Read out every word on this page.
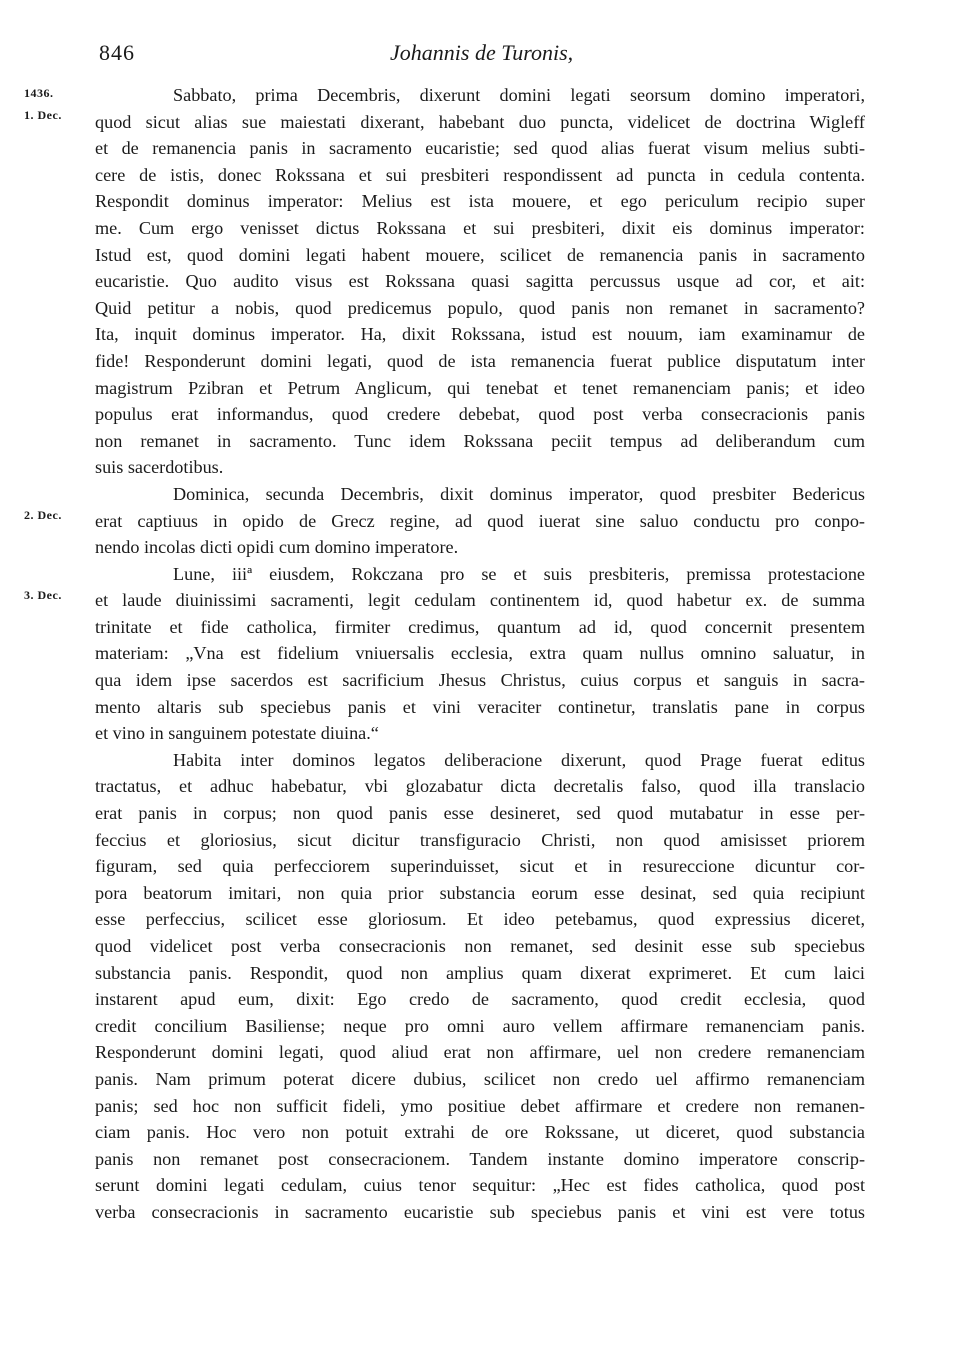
846	Johannis de Turonis,
1436.
1. Dec.
2. Dec.
3. Dec.
Sabbato, prima Decembris, dixerunt domini legati seorsum domino imperatori,
quod sicut alias sue maiestati dixerant, habebant duo puncta, videlicet de doctrina Wigleff
et de remanencia panis in sacramento eucaristie; sed quod alias fuerat visum melius subti-
cere de istis, donec Rokssana et sui presbiteri respondissent ad puncta in cedula contenta.
Respondit dominus imperator: Melius est ista mouere, et ego periculum recipio super
me. Cum ergo venisset dictus Rokssana et sui presbiteri, dixit eis dominus imperator:
Istud est, quod domini legati habent mouere, scilicet de remanencia panis in sacramento
eucaristie. Quo audito visus est Rokssana quasi sagitta percussus usque ad cor, et ait:
Quid petitur a nobis, quod predicemus populo, quod panis non remanet in sacramento?
Ita, inquit dominus imperator. Ha, dixit Rokssana, istud est nouum, iam examinamur de
fide! Responderunt domini legati, quod de ista remanencia fuerat publice disputatum inter
magistrum Pzibran et Petrum Anglicum, qui tenebat et tenet remanenciam panis; et ideo
populus erat informandus, quod credere debebat, quod post verba consecracionis panis
non remanet in sacramento. Tunc idem Rokssana peciit tempus ad deliberandum cum
suis sacerdotibus.
Dominica, secunda Decembris, dixit dominus imperator, quod presbiter Bedericus
erat captiuus in opido de Grecz regine, ad quod iuerat sine saluo conductu pro conpo-
nendo incolas dicti opidi cum domino imperatore.
Lune, iiiª eiusdem, Rokczana pro se et suis presbiteris, premissa protestacione
et laude diuinissimi sacramenti, legit cedulam continentem id, quod habetur ex. de summa
trinitate et fide catholica, firmiter credimus, quantum ad id, quod concernit presentem
materiam: „Vna est fidelium vniuersalis ecclesia, extra quam nullus omnino saluatur, in
qua idem ipse sacerdos est sacrificium Jhesus Christus, cuius corpus et sanguis in sacra-
mento altaris sub speciebus panis et vini veraciter continetur, translatis pane in corpus
et vino in sanguinem potestate diuina.“
Habita inter dominos legatos deliberacione dixerunt, quod Prage fuerat editus
tractatus, et adhuc habebatur, vbi glozabatur dicta decretalis falso, quod illa translacio
erat panis in corpus; non quod panis esse desineret, sed quod mutabatur in esse per-
feccius et gloriosius, sicut dicitur transfiguracio Christi, non quod amisisset priorem
figuram, sed quia perfecciorem superinduisset, sicut et in resureccione dicuntur cor-
pora beatorum imitari, non quia prior substancia eorum esse desinat, sed quia recipiunt
esse perfeccius, scilicet esse gloriosum. Et ideo petebamus, quod expressius diceret,
quod videlicet post verba consecracionis non remanet, sed desinit esse sub speciebus
substancia panis. Respondit, quod non amplius quam dixerat exprimeret. Et cum laici
instarent apud eum, dixit: Ego credo de sacramento, quod credit ecclesia, quod
credit concilium Basiliense; neque pro omni auro vellem affirmare remanenciam panis.
Responderunt domini legati, quod aliud erat non affirmare, uel non credere remanenciam
panis. Nam primum poterat dicere dubius, scilicet non credo uel affirmo remanenciam
panis; sed hoc non sufficit fideli, ymo positiue debet affirmare et credere non remanen-
ciam panis. Hoc vero non potuit extrahi de ore Rokssane, ut diceret, quod substancia
panis non remanet post consecracionem. Tandem instante domino imperatore conscrip-
serunt domini legati cedulam, cuius tenor sequitur: „Hec est fides catholica, quod post
verba consecracionis in sacramento eucaristie sub speciebus panis et vini est vere totus
